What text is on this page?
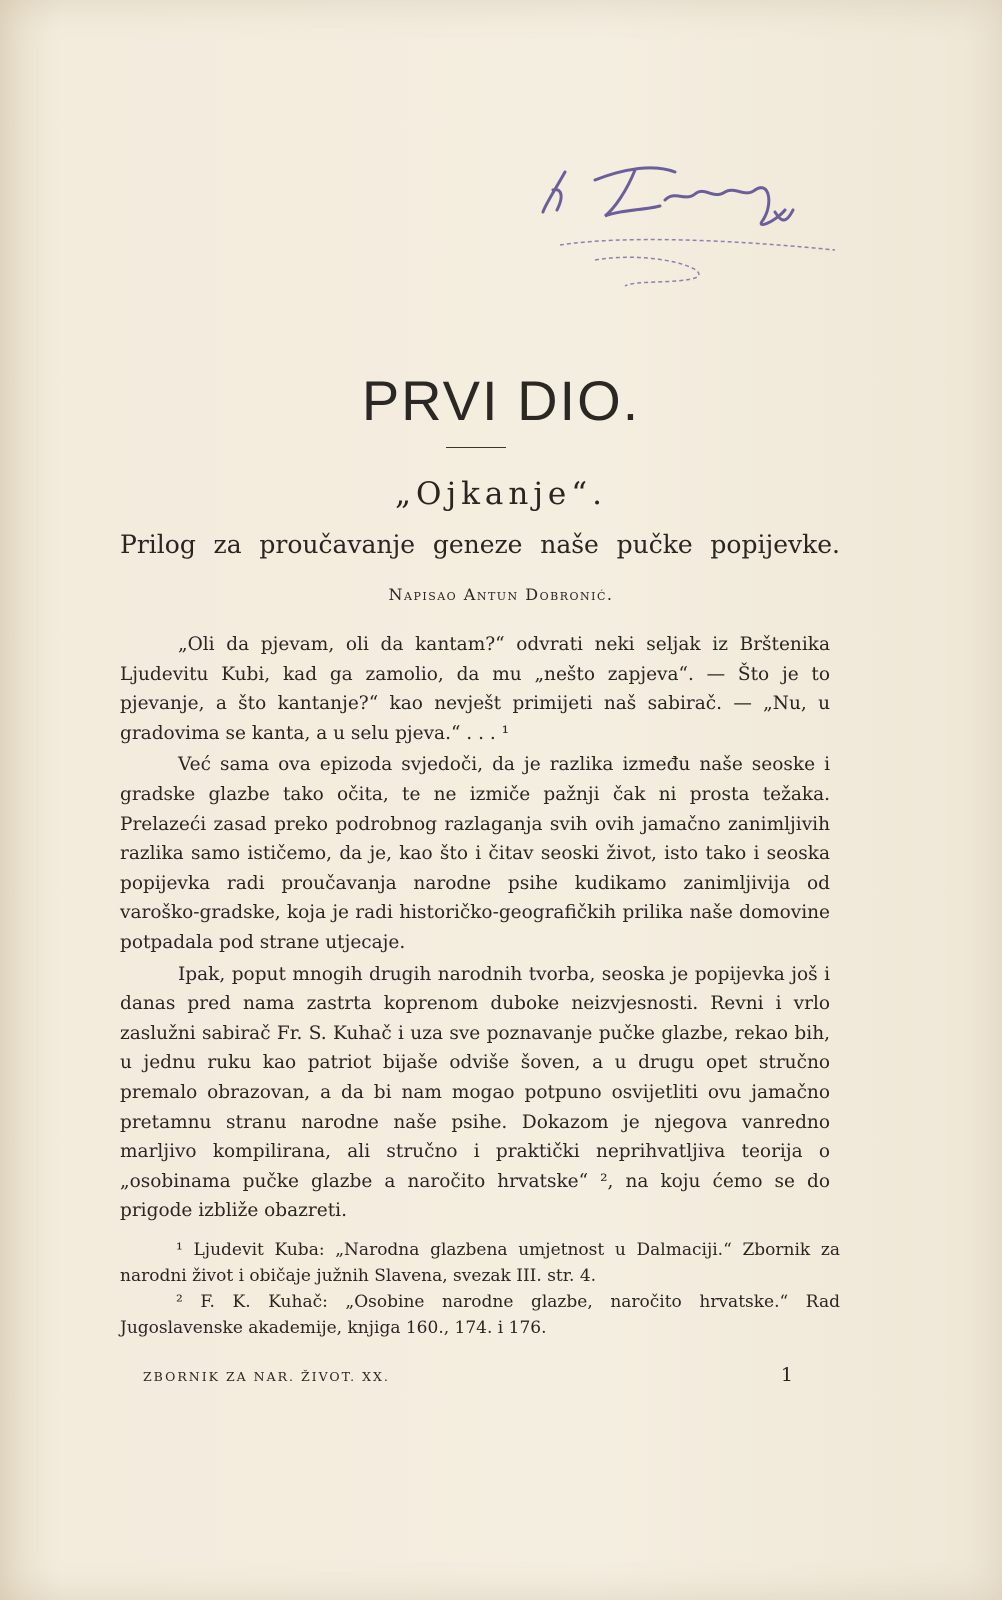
PRVI DIO.
„Ojkanje“.
Prilog za proučavanje geneze naše pučke popijevke.
Napisao Antun Dobronić.

„Oli da pjevam, oli da kantam?“ odvrati neki seljak iz Brštenika Ljudevitu Kubi, kad ga zamolio, da mu „nešto zapjeva“. — Što je to pjevanje, a što kantanje?“ kao nevješt primijeti naš sabirač. — „Nu, u gradovima se kanta, a u selu pjeva.“ . . . ¹

Već sama ova epizoda svjedoči, da je razlika između naše seoske i gradske glazbe tako očita, te ne izmiče pažnji čak ni prosta težaka. Prelazeći zasad preko podrobnog razlaganja svih ovih jamačno zanimljivih razlika samo ističemo, da je, kao što i čitav seoski život, isto tako i seoska popijevka radi proučavanja narodne psihe kudikamo zanimljivija od varoško-gradske, koja je radi historičko-geografičkih prilika naše domovine potpadala pod strane utjecaje.

Ipak, poput mnogih drugih narodnih tvorba, seoska je popijevka još i danas pred nama zastrta koprenom duboke neizvjesnosti. Revni i vrlo zaslužni sabirač Fr. S. Kuhač i uza sve poznavanje pučke glazbe, rekao bih, u jednu ruku kao patriot bijaše odviše šoven, a u drugu opet stručno premalo obrazovan, a da bi nam mogao potpuno osvijetliti ovu jamačno pretamnu stranu narodne naše psihe. Dokazom je njegova vanredno marljivo kompilirana, ali stručno i praktički neprihvatljiva teorija o „osobinama pučke glazbe a naročito hrvatske“ ², na koju ćemo se do prigode izbliže obazreti.

¹ Ljudevit Kuba: „Narodna glazbena umjetnost u Dalmaciji.“ Zbornik za narodni život i običaje južnih Slavena, svezak III. str. 4.

² F. K. Kuhač: „Osobine narodne glazbe, naročito hrvatske.“ Rad Jugoslavenske akademije, knjiga 160., 174. i 176.

ZBORNIK ZA NAR. ŽIVOT. XX.	1
